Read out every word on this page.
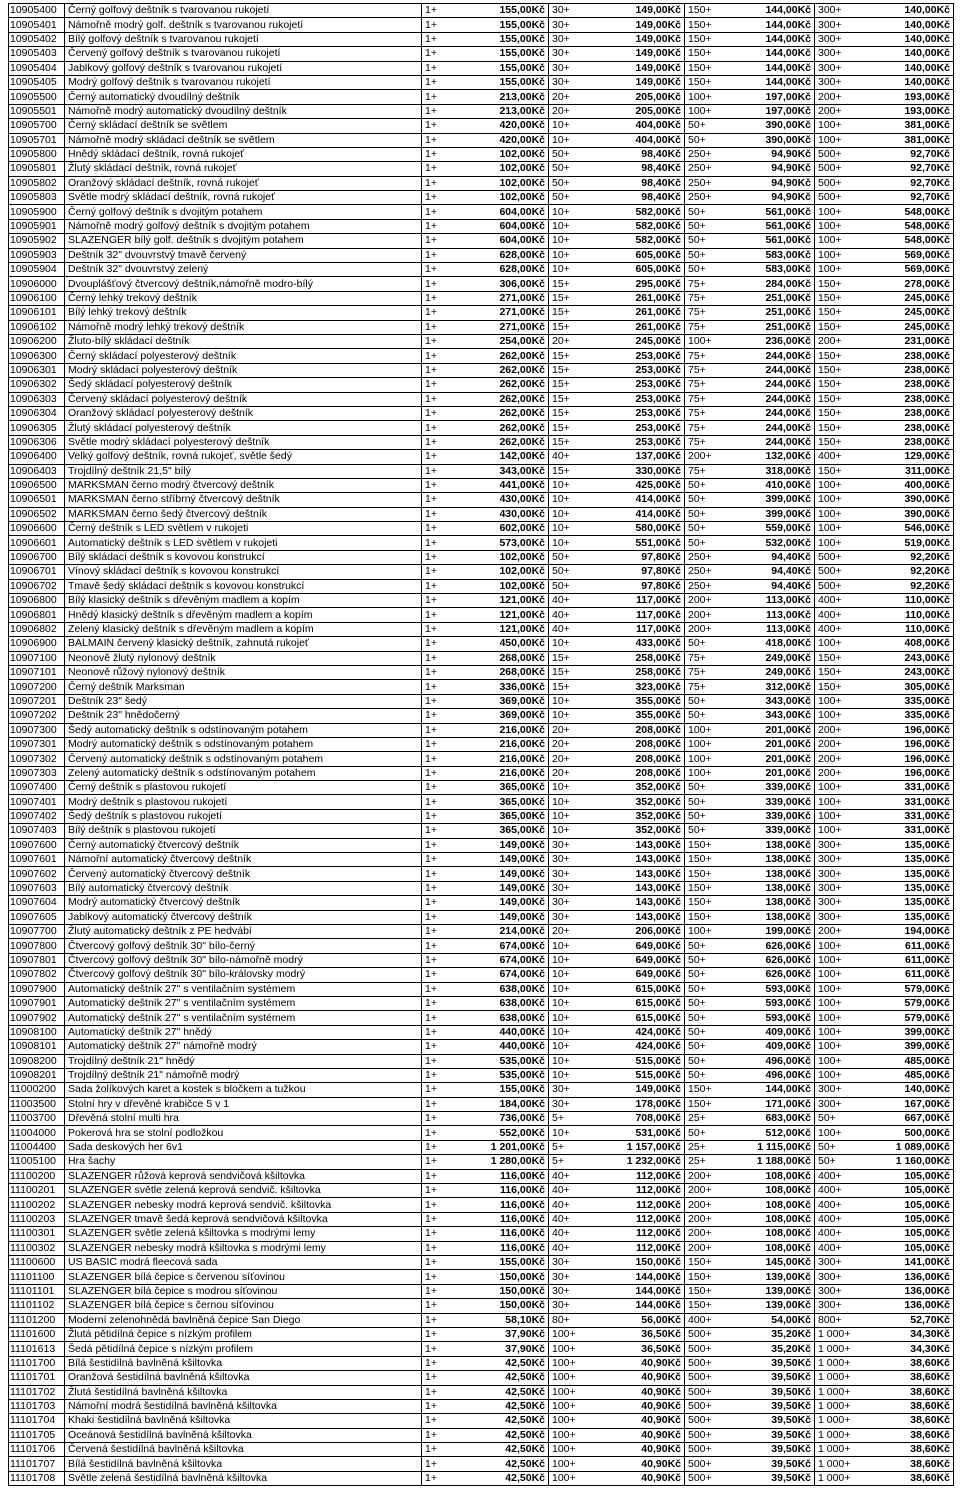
10905400	Černý golfový deštník s tvarovanou rukojetí	1+	155,00Kč	30+	149,00Kč	150+	144,00Kč	300+	140,00Kč
10905401	Námořně modrý golf. deštník s tvarovanou rukojetí	1+	155,00Kč	30+	149,00Kč	150+	144,00Kč	300+	140,00Kč
10905402	Bílý golfový deštník s tvarovanou rukojetí	1+	155,00Kč	30+	149,00Kč	150+	144,00Kč	300+	140,00Kč
10905403	Červený golfový deštník s tvarovanou rukojetí	1+	155,00Kč	30+	149,00Kč	150+	144,00Kč	300+	140,00Kč
10905404	Jablkový golfový deštník s tvarovanou rukojetí	1+	155,00Kč	30+	149,00Kč	150+	144,00Kč	300+	140,00Kč
10905405	Modrý golfový deštník s tvarovanou rukojetí	1+	155,00Kč	30+	149,00Kč	150+	144,00Kč	300+	140,00Kč
10905500	Černý automatický dvoudílný deštník	1+	213,00Kč	20+	205,00Kč	100+	197,00Kč	200+	193,00Kč
10905501	Námořně modrý automatický dvoudílný deštník	1+	213,00Kč	20+	205,00Kč	100+	197,00Kč	200+	193,00Kč
10905700	Černý skládací deštník se světlem	1+	420,00Kč	10+	404,00Kč	50+	390,00Kč	100+	381,00Kč
10905701	Námořně modrý skládací deštník se světlem	1+	420,00Kč	10+	404,00Kč	50+	390,00Kč	100+	381,00Kč
10905800	Hnědý skládací deštník, rovná rukojeť	1+	102,00Kč	50+	98,40Kč	250+	94,90Kč	500+	92,70Kč
10905801	Žlutý skládací deštník, rovná rukojeť	1+	102,00Kč	50+	98,40Kč	250+	94,90Kč	500+	92,70Kč
10905802	Oranžový skládací deštník, rovná rukojeť	1+	102,00Kč	50+	98,40Kč	250+	94,90Kč	500+	92,70Kč
10905803	Světle modrý skládací deštník, rovná rukojeť	1+	102,00Kč	50+	98,40Kč	250+	94,90Kč	500+	92,70Kč
10905900	Černý golfový deštník s dvojitým potahem	1+	604,00Kč	10+	582,00Kč	50+	561,00Kč	100+	548,00Kč
10905901	Námořně modrý golfový deštník s dvojitým potahem	1+	604,00Kč	10+	582,00Kč	50+	561,00Kč	100+	548,00Kč
10905902	SLAZENGER bílý golf. deštník s dvojitým potahem	1+	604,00Kč	10+	582,00Kč	50+	561,00Kč	100+	548,00Kč
10905903	Deštník 32" dvouvrstvý tmavě červený	1+	628,00Kč	10+	605,00Kč	50+	583,00Kč	100+	569,00Kč
10905904	Deštník 32" dvouvrstvý zelený	1+	628,00Kč	10+	605,00Kč	50+	583,00Kč	100+	569,00Kč
10906000	Dvouplášťový čtvercový deštník,námořně modro-bílý	1+	306,00Kč	15+	295,00Kč	75+	284,00Kč	150+	278,00Kč
10906100	Černý lehký trekový deštník	1+	271,00Kč	15+	261,00Kč	75+	251,00Kč	150+	245,00Kč
10906101	Bílý lehký trekový deštník	1+	271,00Kč	15+	261,00Kč	75+	251,00Kč	150+	245,00Kč
10906102	Námořně modrý lehký trekový deštník	1+	271,00Kč	15+	261,00Kč	75+	251,00Kč	150+	245,00Kč
10906200	Žluto-bílý skládací deštník	1+	254,00Kč	20+	245,00Kč	100+	236,00Kč	200+	231,00Kč
10906300	Černý skládací polyesterový deštník	1+	262,00Kč	15+	253,00Kč	75+	244,00Kč	150+	238,00Kč
10906301	Modrý skládací polyesterový deštník	1+	262,00Kč	15+	253,00Kč	75+	244,00Kč	150+	238,00Kč
10906302	Šedý skládací polyesterový deštník	1+	262,00Kč	15+	253,00Kč	75+	244,00Kč	150+	238,00Kč
10906303	Červený skládací polyesterový deštník	1+	262,00Kč	15+	253,00Kč	75+	244,00Kč	150+	238,00Kč
10906304	Oranžový skládací polyesterový deštník	1+	262,00Kč	15+	253,00Kč	75+	244,00Kč	150+	238,00Kč
10906305	Žlutý skládací polyesterový deštník	1+	262,00Kč	15+	253,00Kč	75+	244,00Kč	150+	238,00Kč
10906306	Světle modrý skládací polyesterový deštník	1+	262,00Kč	15+	253,00Kč	75+	244,00Kč	150+	238,00Kč
10906400	Velký golfový deštník, rovná rukojeť, světle šedý	1+	142,00Kč	40+	137,00Kč	200+	132,00Kč	400+	129,00Kč
10906403	Trojdílný deštník 21,5" bílý	1+	343,00Kč	15+	330,00Kč	75+	318,00Kč	150+	311,00Kč
10906500	MARKSMAN černo modrý čtvercový deštník	1+	441,00Kč	10+	425,00Kč	50+	410,00Kč	100+	400,00Kč
10906501	MARKSMAN černo stříbrný čtvercový deštník	1+	430,00Kč	10+	414,00Kč	50+	399,00Kč	100+	390,00Kč
10906502	MARKSMAN černo šedý čtvercový deštník	1+	430,00Kč	10+	414,00Kč	50+	399,00Kč	100+	390,00Kč
10906600	Černý deštník s LED světlem v rukojeti	1+	602,00Kč	10+	580,00Kč	50+	559,00Kč	100+	546,00Kč
10906601	Automatický deštník s LED světlem v rukojeti	1+	573,00Kč	10+	551,00Kč	50+	532,00Kč	100+	519,00Kč
10906700	Bílý skládací deštník s kovovou konstrukcí	1+	102,00Kč	50+	97,80Kč	250+	94,40Kč	500+	92,20Kč
10906701	Vínový skládací deštník s kovovou konstrukcí	1+	102,00Kč	50+	97,80Kč	250+	94,40Kč	500+	92,20Kč
10906702	Tmavě šedý skládací deštník s kovovou konstrukcí	1+	102,00Kč	50+	97,80Kč	250+	94,40Kč	500+	92,20Kč
10906800	Bílý klasický deštník s dřevěným madlem a kopím	1+	121,00Kč	40+	117,00Kč	200+	113,00Kč	400+	110,00Kč
10906801	Hnědý klasický deštník s dřevěným madlem a kopím	1+	121,00Kč	40+	117,00Kč	200+	113,00Kč	400+	110,00Kč
10906802	Zelený klasický deštník s dřevěným madlem a kopím	1+	121,00Kč	40+	117,00Kč	200+	113,00Kč	400+	110,00Kč
10906900	BALMAIN červený klasický deštník, zahnutá rukojeť	1+	450,00Kč	10+	433,00Kč	50+	418,00Kč	100+	408,00Kč
10907100	Neonově žlutý nylonový deštník	1+	268,00Kč	15+	258,00Kč	75+	249,00Kč	150+	243,00Kč
10907101	Neonově růžový nylonový deštník	1+	268,00Kč	15+	258,00Kč	75+	249,00Kč	150+	243,00Kč
10907200	Černý deštník Marksman	1+	336,00Kč	15+	323,00Kč	75+	312,00Kč	150+	305,00Kč
10907201	Deštník 23" šedý	1+	369,00Kč	10+	355,00Kč	50+	343,00Kč	100+	335,00Kč
10907202	Deštník 23" hnědočerný	1+	369,00Kč	10+	355,00Kč	50+	343,00Kč	100+	335,00Kč
10907300	Šedý automatický deštník s odstínovaným potahem	1+	216,00Kč	20+	208,00Kč	100+	201,00Kč	200+	196,00Kč
10907301	Modrý automatický deštník s odstínovaným potahem	1+	216,00Kč	20+	208,00Kč	100+	201,00Kč	200+	196,00Kč
10907302	Červený automatický deštník s odstínovaným potahem	1+	216,00Kč	20+	208,00Kč	100+	201,00Kč	200+	196,00Kč
10907303	Zelený automatický deštník s odstínovaným potahem	1+	216,00Kč	20+	208,00Kč	100+	201,00Kč	200+	196,00Kč
10907400	Černý deštník s plastovou rukojetí	1+	365,00Kč	10+	352,00Kč	50+	339,00Kč	100+	331,00Kč
10907401	Modrý deštník s plastovou rukojetí	1+	365,00Kč	10+	352,00Kč	50+	339,00Kč	100+	331,00Kč
10907402	Šedý deštník s plastovou rukojetí	1+	365,00Kč	10+	352,00Kč	50+	339,00Kč	100+	331,00Kč
10907403	Bílý deštník s plastovou rukojetí	1+	365,00Kč	10+	352,00Kč	50+	339,00Kč	100+	331,00Kč
10907600	Černý automatický čtvercový deštník	1+	149,00Kč	30+	143,00Kč	150+	138,00Kč	300+	135,00Kč
10907601	Námořní automatický čtvercový deštník	1+	149,00Kč	30+	143,00Kč	150+	138,00Kč	300+	135,00Kč
10907602	Červený automatický čtvercový deštník	1+	149,00Kč	30+	143,00Kč	150+	138,00Kč	300+	135,00Kč
10907603	Bílý automatický čtvercový deštník	1+	149,00Kč	30+	143,00Kč	150+	138,00Kč	300+	135,00Kč
10907604	Modrý automatický čtvercový deštník	1+	149,00Kč	30+	143,00Kč	150+	138,00Kč	300+	135,00Kč
10907605	Jablkový automatický čtvercový deštník	1+	149,00Kč	30+	143,00Kč	150+	138,00Kč	300+	135,00Kč
10907700	Žlutý automatický deštník z PE hedvábí	1+	214,00Kč	20+	206,00Kč	100+	199,00Kč	200+	194,00Kč
10907800	Čtvercový golfový deštník 30" bílo-černý	1+	674,00Kč	10+	649,00Kč	50+	626,00Kč	100+	611,00Kč
10907801	Čtvercový golfový deštník 30" bílo-námořně modrý	1+	674,00Kč	10+	649,00Kč	50+	626,00Kč	100+	611,00Kč
10907802	Čtvercový golfový deštník 30" bílo-královsky modrý	1+	674,00Kč	10+	649,00Kč	50+	626,00Kč	100+	611,00Kč
10907900	Automatický deštník 27" s ventilačním systémem	1+	638,00Kč	10+	615,00Kč	50+	593,00Kč	100+	579,00Kč
10907901	Automatický deštník 27" s ventilačním systémem	1+	638,00Kč	10+	615,00Kč	50+	593,00Kč	100+	579,00Kč
10907902	Automatický deštník 27" s ventilačním systémem	1+	638,00Kč	10+	615,00Kč	50+	593,00Kč	100+	579,00Kč
10908100	Automatický deštník 27" hnědý	1+	440,00Kč	10+	424,00Kč	50+	409,00Kč	100+	399,00Kč
10908101	Automatický deštník 27" námořně modrý	1+	440,00Kč	10+	424,00Kč	50+	409,00Kč	100+	399,00Kč
10908200	Trojdílný deštník 21" hnědý	1+	535,00Kč	10+	515,00Kč	50+	496,00Kč	100+	485,00Kč
10908201	Trojdílný deštník 21" námořně modrý	1+	535,00Kč	10+	515,00Kč	50+	496,00Kč	100+	485,00Kč
11000200	Sada žolíkových karet a kostek s bločkem a tužkou	1+	155,00Kč	30+	149,00Kč	150+	144,00Kč	300+	140,00Kč
11003500	Stolní hry v dřevěné krabičce 5 v 1	1+	184,00Kč	30+	178,00Kč	150+	171,00Kč	300+	167,00Kč
11003700	Dřevěná stolní multi hra	1+	736,00Kč	5+	708,00Kč	25+	683,00Kč	50+	667,00Kč
11004000	Pokerová hra se stolní podložkou	1+	552,00Kč	10+	531,00Kč	50+	512,00Kč	100+	500,00Kč
11004400	Sada deskových her 6v1	1+	1 201,00Kč	5+	1 157,00Kč	25+	1 115,00Kč	50+	1 089,00Kč
11005100	Hra šachy	1+	1 280,00Kč	5+	1 232,00Kč	25+	1 188,00Kč	50+	1 160,00Kč
11100200	SLAZENGER růžová keprová sendvičová kšiltovka	1+	116,00Kč	40+	112,00Kč	200+	108,00Kč	400+	105,00Kč
11100201	SLAZENGER světle zelená keprová sendvič. kšiltovka	1+	116,00Kč	40+	112,00Kč	200+	108,00Kč	400+	105,00Kč
11100202	SLAZENGER nebesky modrá keprová sendvič. kšiltovka	1+	116,00Kč	40+	112,00Kč	200+	108,00Kč	400+	105,00Kč
11100203	SLAZENGER tmavě šedá keprová sendvičová kšiltovka	1+	116,00Kč	40+	112,00Kč	200+	108,00Kč	400+	105,00Kč
11100301	SLAZENGER světle zelená kšiltovka s modrými lemy	1+	116,00Kč	40+	112,00Kč	200+	108,00Kč	400+	105,00Kč
11100302	SLAZENGER nebesky modrá kšiltovka s modrými lemy	1+	116,00Kč	40+	112,00Kč	200+	108,00Kč	400+	105,00Kč
11100600	US BASIC modrá fleecová sada	1+	155,00Kč	30+	150,00Kč	150+	145,00Kč	300+	141,00Kč
11101100	SLAZENGER bílá čepice s červenou síťovinou	1+	150,00Kč	30+	144,00Kč	150+	139,00Kč	300+	136,00Kč
11101101	SLAZENGER bílá čepice s modrou síťovinou	1+	150,00Kč	30+	144,00Kč	150+	139,00Kč	300+	136,00Kč
11101102	SLAZENGER bílá čepice s černou síťovinou	1+	150,00Kč	30+	144,00Kč	150+	139,00Kč	300+	136,00Kč
11101200	Moderní zelenohnědá bavlněná čepice San Diego	1+	58,10Kč	80+	56,00Kč	400+	54,00Kč	800+	52,70Kč
11101600	Žlutá pětidílná čepice s nízkým profilem	1+	37,90Kč	100+	36,50Kč	500+	35,20Kč	1 000+	34,30Kč
11101613	Šedá pětidílná čepice s nízkým profilem	1+	37,90Kč	100+	36,50Kč	500+	35,20Kč	1 000+	34,30Kč
11101700	Bílá šestidílná bavlněná kšiltovka	1+	42,50Kč	100+	40,90Kč	500+	39,50Kč	1 000+	38,60Kč
11101701	Oranžová šestidílná bavlněná kšiltovka	1+	42,50Kč	100+	40,90Kč	500+	39,50Kč	1 000+	38,60Kč
11101702	Žlutá šestidílná bavlněná kšiltovka	1+	42,50Kč	100+	40,90Kč	500+	39,50Kč	1 000+	38,60Kč
11101703	Námořní modrá šestidílná bavlněná kšiltovka	1+	42,50Kč	100+	40,90Kč	500+	39,50Kč	1 000+	38,60Kč
11101704	Khaki šestidílná bavlněná kšiltovka	1+	42,50Kč	100+	40,90Kč	500+	39,50Kč	1 000+	38,60Kč
11101705	Oceánová šestidílná bavlněná kšiltovka	1+	42,50Kč	100+	40,90Kč	500+	39,50Kč	1 000+	38,60Kč
11101706	Červená šestidílná bavlněná kšiltovka	1+	42,50Kč	100+	40,90Kč	500+	39,50Kč	1 000+	38,60Kč
11101707	Bílá šestidílná bavlněná kšiltovka	1+	42,50Kč	100+	40,90Kč	500+	39,50Kč	1 000+	38,60Kč
11101708	Světle zelená šestidílná bavlněná kšiltovka	1+	42,50Kč	100+	40,90Kč	500+	39,50Kč	1 000+	38,60Kč
